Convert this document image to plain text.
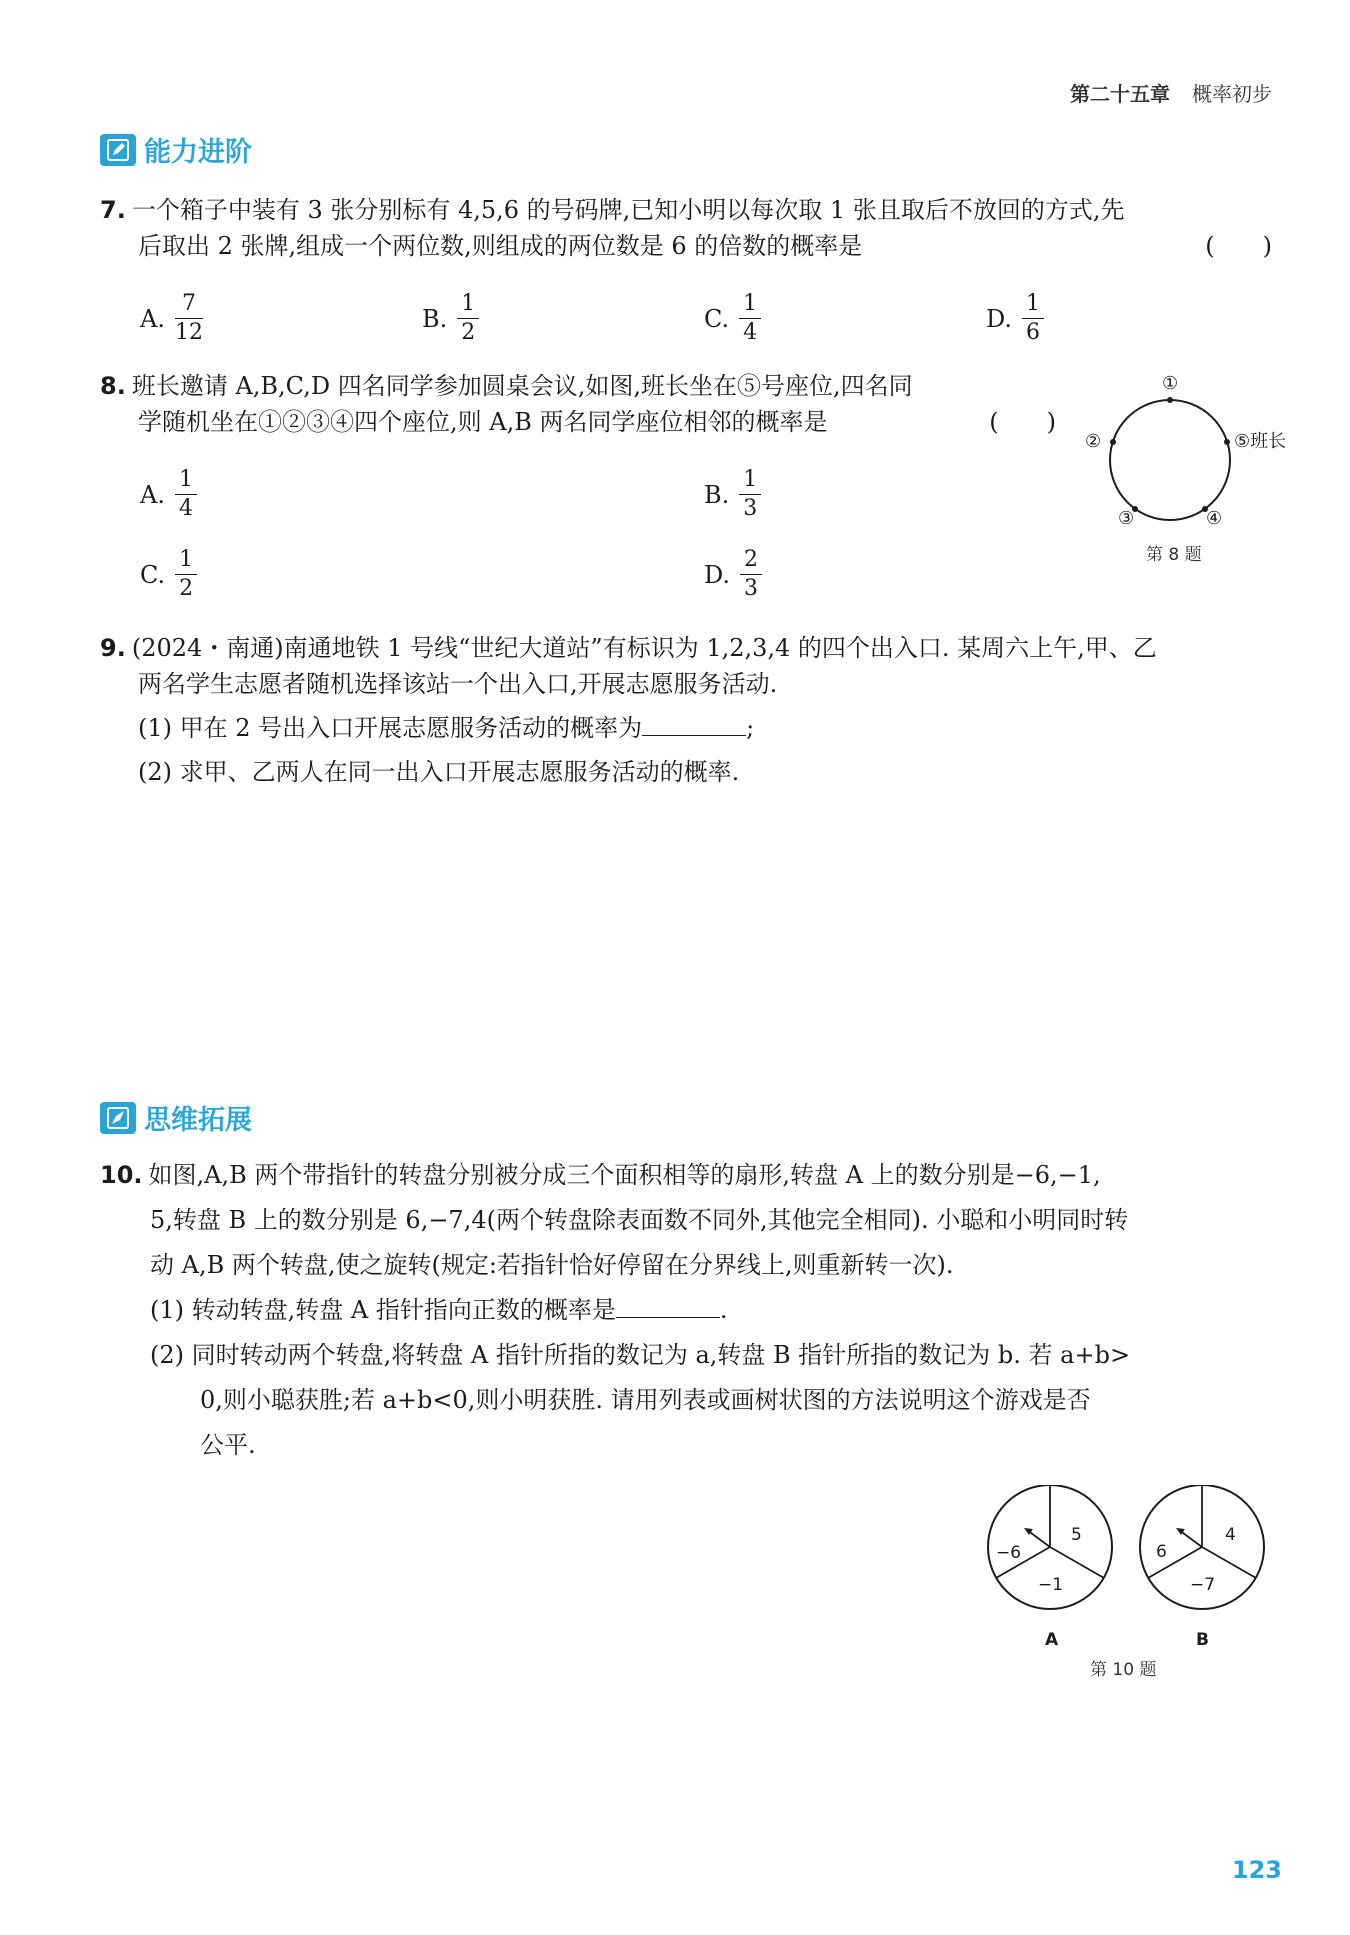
第二十五章 概率初步
能力进阶
7. 一个箱子中装有 3 张分别标有 4,5,6 的号码牌,已知小明以每次取 1 张且取后不放回的方式,先
后取出 2 张牌,组成一个两位数,则组成的两位数是 6 的倍数的概率是	(　　)
A. $\frac{7}{12}$	B. $\frac{1}{2}$	C. $\frac{1}{4}$	D. $\frac{1}{6}$
8. 班长邀请 A,B,C,D 四名同学参加圆桌会议,如图,班长坐在⑤号座位,四名同
学随机坐在①②③④四个座位,则 A,B 两名同学座位相邻的概率是	(　　)
A. $\frac{1}{4}$	B. $\frac{1}{3}$
C. $\frac{1}{2}$	D. $\frac{2}{3}$
①
②
③	④
⑤班长
第 8 题
9. (2024・南通)南通地铁 1 号线“世纪大道站”有标识为 1,2,3,4 的四个出入口. 某周六上午,甲、乙
两名学生志愿者随机选择该站一个出入口,开展志愿服务活动.
(1) 甲在 2 号出入口开展志愿服务活动的概率为	;
(2) 求甲、乙两人在同一出入口开展志愿服务活动的概率.
思维拓展
10. 如图,A,B 两个带指针的转盘分别被分成三个面积相等的扇形,转盘 A 上的数分别是−6,−1,
5,转盘 B 上的数分别是 6,−7,4(两个转盘除表面数不同外,其他完全相同). 小聪和小明同时转
动 A,B 两个转盘,使之旋转(规定:若指针恰好停留在分界线上,则重新转一次).
(1) 转动转盘,转盘 A 指针指向正数的概率是	.
(2) 同时转动两个转盘,将转盘 A 指针所指的数记为 a,转盘 B 指针所指的数记为 b. 若 a+b>
0,则小聪获胜;若 a+b<0,则小明获胜. 请用列表或画树状图的方法说明这个游戏是否
公平.
−6
5
−1
A
6
4
−7
B
第 10 题
123
